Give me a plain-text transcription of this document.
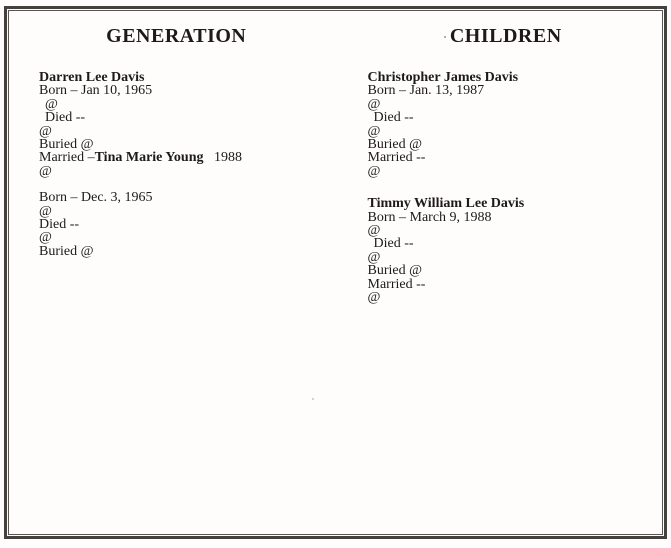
GENERATION
Darren Lee Davis
Born – Jan 10, 1965
@
Died --
@
Buried @
Married –Tina Marie Young   1988
@
Born – Dec. 3, 1965
@
Died --
@
Buried @
CHILDREN
Christopher James Davis
Born – Jan. 13, 1987
@
Died --
@
Buried @
Married --
@
Timmy William Lee Davis
Born – March 9, 1988
@
Died --
@
Buried @
Married --
@
